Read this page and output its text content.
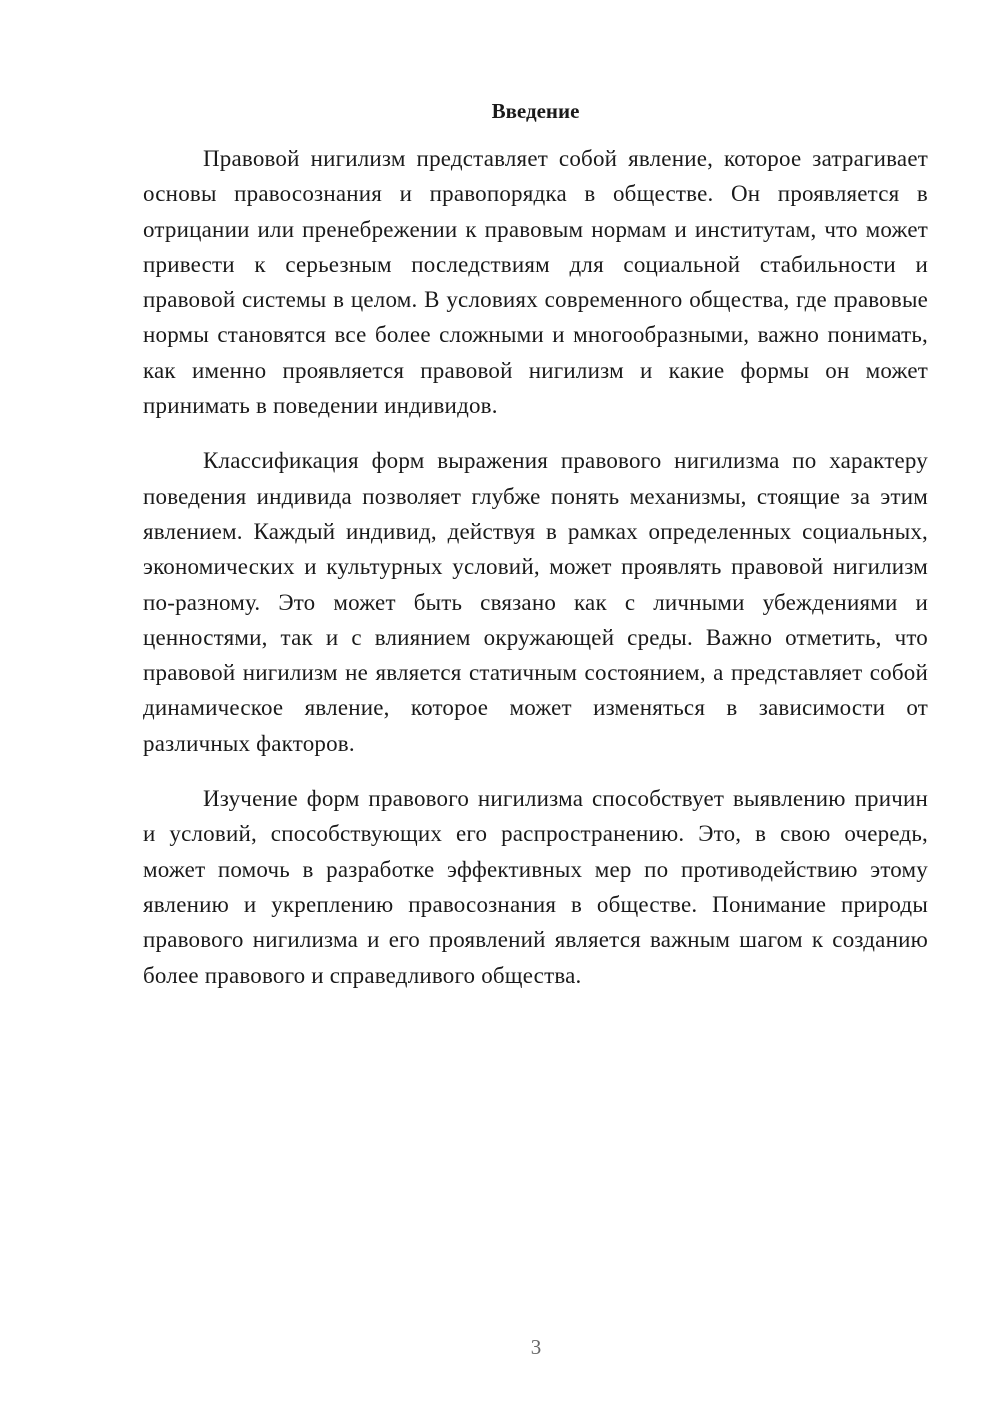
Введение

Правовой нигилизм представляет собой явление, которое затрагивает основы правосознания и правопорядка в обществе. Он проявляется в отрицании или пренебрежении к правовым нормам и институтам, что может привести к серьезным последствиям для социальной стабильности и правовой системы в целом. В условиях современного общества, где правовые нормы становятся все более сложными и многообразными, важно понимать, как именно проявляется правовой нигилизм и какие формы он может принимать в поведении индивидов.

Классификация форм выражения правового нигилизма по характеру поведения индивида позволяет глубже понять механизмы, стоящие за этим явлением. Каждый индивид, действуя в рамках определенных социальных, экономических и культурных условий, может проявлять правовой нигилизм по-разному. Это может быть связано как с личными убеждениями и ценностями, так и с влиянием окружающей среды. Важно отметить, что правовой нигилизм не является статичным состоянием, а представляет собой динамическое явление, которое может изменяться в зависимости от различных факторов.

Изучение форм правового нигилизма способствует выявлению причин и условий, способствующих его распространению. Это, в свою очередь, может помочь в разработке эффективных мер по противодействию этому явлению и укреплению правосознания в обществе. Понимание природы правового нигилизма и его проявлений является важным шагом к созданию более правового и справедливого общества.

3
